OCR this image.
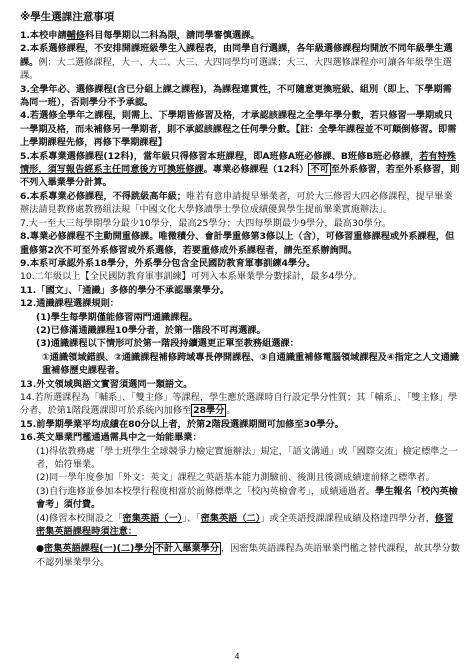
※學生選課注意事項

1.本校申請輔修科目每學期以二科為限，請同學審慎選課。

2.本系選修課程，不安排開課班級學生入課程表，由同學自行選課，各年級選修課程均開放不同年級學生選課。例：大二選修課程，大一、大二、大三、大四同學均可選課；大三、大四選修課程亦可讓各年級學生選課。

3.全學年必、選修課程(含已分組上課之課程)，為課程連貫性，不可隨意更換班級、組別（即上、下學期需為同一班），否則學分不予承認。

4.若選修全學年之課程，則需上、下學期皆修習及格，才承認該課程之全學年學分數，若只修習一學期或只一學期及格，而未補修另一學期者，則不承認該課程之任何學分數。【註：全學年課程並不可顛倒修習。即需上學期課程先修，再修下學期課程】

5.本系專業選修課程(12科)，當年級只得修習本班課程，即A班修A班必修課、B班修B班必修課，若有特殊情形，須写報告經系主任同意後方可換班修課。專業必修課程（12科） 不可 至外系修習，若至外系修習，則不列入畢業學分計算。

6.本系專業必修課程，不得跳級高年級；唯若有意申請提早畢業者，可於大三修習大四必修課程，提早畢業辦法請見教務處教務組法規「中國文化大學修讀學士學位成績優異學生提前畢業實施辦法」。

7.大一至大三每學期學分最少10學分，最高25學分；大四每學期最少9學分，最高30學分。

8.專業必修課程不主動開重修課。唯微積分、會計學重修第3修以上（含），可修習重修課程或外系課程，但重修第2次不可至外系修習或外系選修，若要重修成外系課程者，請先至系辦詢問。

9.本系可承認外系18學分，外系學分包含全民國防教育軍事訓練4學分。

10.二年級以上【全民國防教育軍事訓練】可列入本系畢業學分數採計，最多4學分。

11.「國文」、「通識」多修的學分不承認畢業學分。

12.通識課程選課規則：

(1)學生每學期僅能修習兩門通識課程。

(2)已修滿通識課程10學分者，於第一階段不可再選課。

(3)通識課程以下情形可於第一階段持續選更正單至教務組選課：

①通識領域錯誤、②通識課程補修跨域專長停開課程、③自通識重補修電腦領域課程及④指定之人文通識重補修歷史課程者。

13.外文領域與語文實習須選同一類語文。

14.若所選課程為「輔系」、「雙主修」等課程，學生應於選課時自行設定學分性質；其「輔系」、「雙主修」學分者，於第1階段選課即可於系統內加修至 28學分 。

15.前學期學業平均成績在80分以上者，於第2階段選課期間可加修至30學分。

16.英文畢業門檻通過需具中之一始能畢業：

(1)得依教務處「學士班學生全球競爭力檢定實施辦法」規定，「語文溝通」或「國際交流」檢定標準之一者，始符畢業。

(2)同一學年度參加「外文：英文」課程之英語基本能力測驗前、後測且後測成績達前條之標準者。

(3)自行進修並參加本校學行程度相當於前條標準之「校內英檢會考」，成績通過者。學生報名「校內英檢會考」須付費。

(4)修習本校開設之「密集英語（一）」、「密集英語（二）」或全英語授課課程成績及格達四學分者，修習密集英語課程時須注意：

●密集英語課程(一)(二)學分 不計入畢業學分 ，因密集英語課程為英語畢業門檻之替代課程，故其學分數不認列畢業學分。

4
